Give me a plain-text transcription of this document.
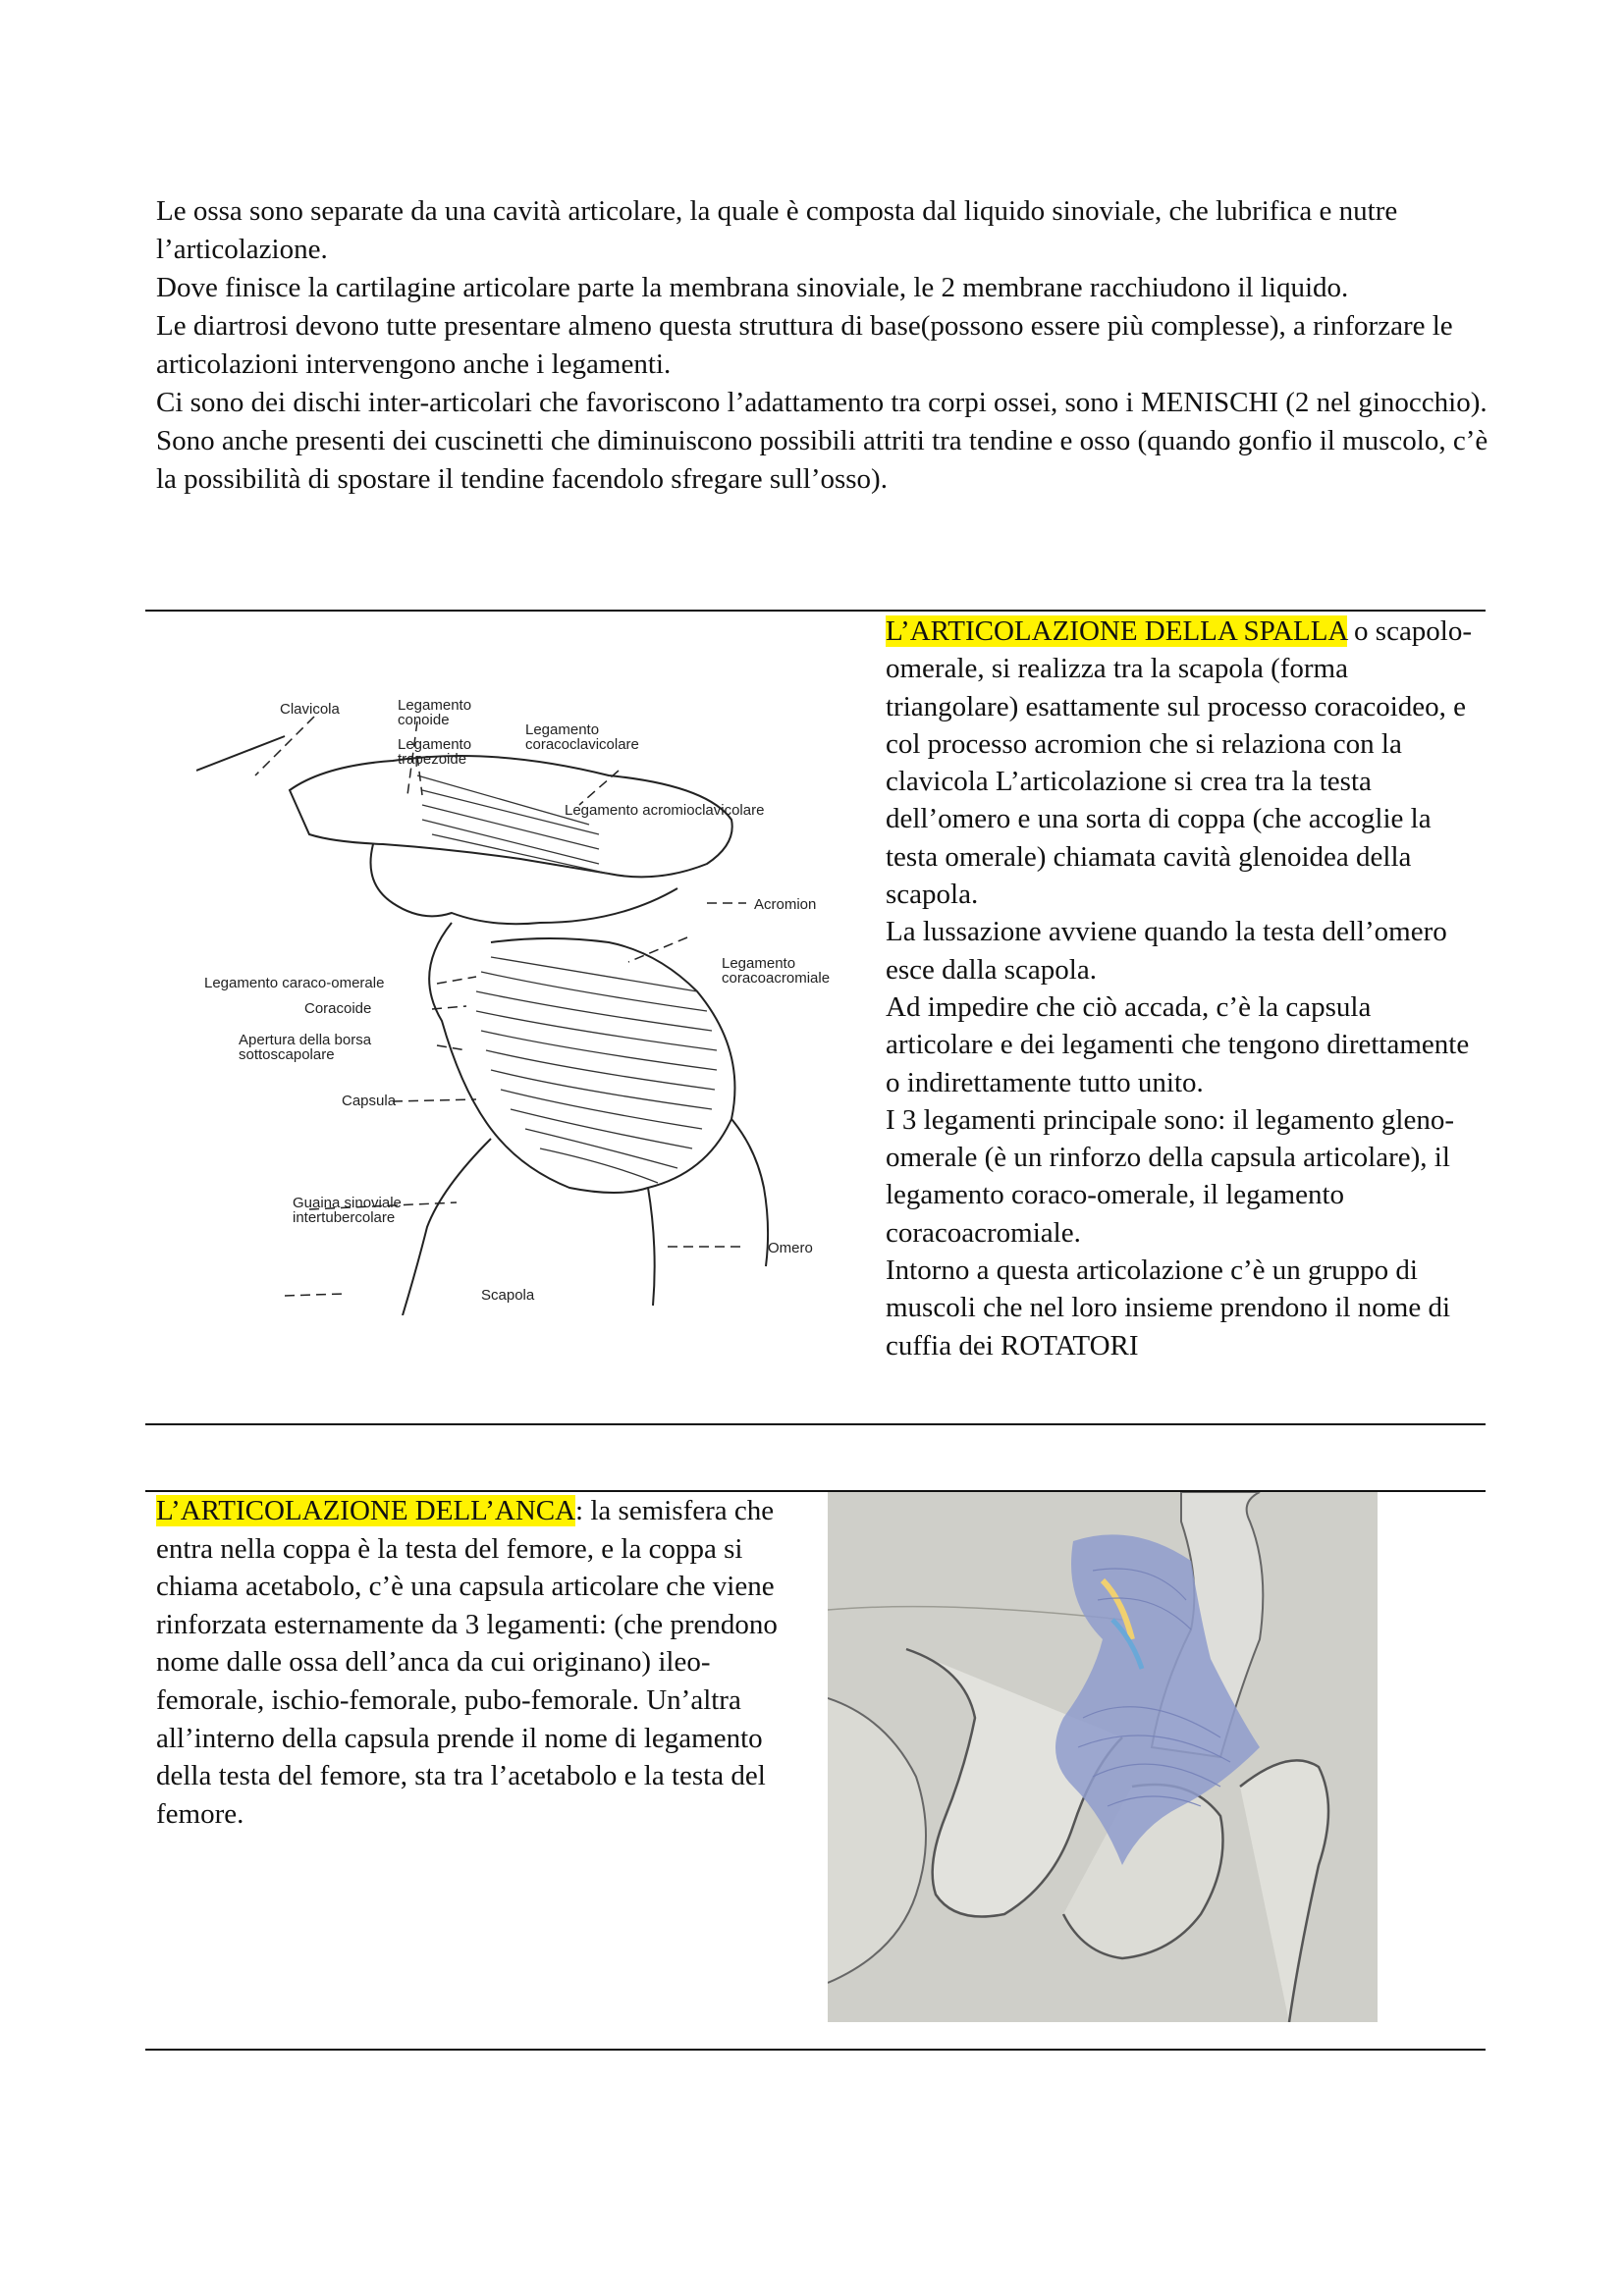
Le ossa sono separate da una cavità articolare, la quale è composta dal liquido sinoviale, che lubrifica e nutre l’articolazione.

Dove finisce la cartilagine articolare parte la membrana sinoviale, le 2 membrane racchiudono il liquido.

Le diartrosi devono tutte presentare almeno questa struttura di base(possono essere più complesse), a rinforzare le articolazioni intervengono anche i legamenti.

Ci sono dei dischi inter-articolari che favoriscono l’adattamento tra corpi ossei, sono i MENISCHI (2 nel ginocchio).

Sono anche presenti dei cuscinetti che diminuiscono possibili attriti tra tendine e osso (quando gonfio il muscolo, c’è la possibilità di spostare il tendine facendolo sfregare sull’osso).

Clavicola	Legamento
conoide
Legamento
trapezoide
Legamento
coracoclavicolare
Legamento acromioclavicolare
Acromion
Legamento
coracoacromiale
Legamento caraco-omerale
Coracoide
Apertura della borsa
sottoscapolare
Capsula
Guaina sinoviale
intertubercolare
Omero
Scapola

L’ARTICOLAZIONE DELLA SPALLA o scapolo-omerale, si realizza tra la scapola (forma triangolare) esattamente sul processo coracoideo, e col processo acromion che si relaziona con la clavicola L’articolazione si crea tra la testa dell’omero e una sorta di coppa (che accoglie la testa omerale) chiamata cavità glenoidea della scapola.

La lussazione avviene quando la testa dell’omero esce dalla scapola.

Ad impedire che ciò accada, c’è la capsula articolare e dei legamenti che tengono direttamente o indirettamente tutto unito.

I 3 legamenti principale sono: il legamento gleno-omerale (è un rinforzo della capsula articolare), il legamento coraco-omerale, il legamento coracoacromiale.

Intorno a questa articolazione c’è un gruppo di muscoli che nel loro insieme prendono il nome di cuffia dei ROTATORI

L’ARTICOLAZIONE DELL’ANCA: la semisfera che entra nella coppa è la testa del femore, e la coppa si chiama acetabolo, c’è una capsula articolare che viene rinforzata esternamente da 3 legamenti: (che prendono nome dalle ossa dell’anca da cui originano) ileo-femorale, ischio-femorale, pubo-femorale. Un’altra all’interno della capsula prende il nome di legamento della testa del femore, sta tra l’acetabolo e la testa del femore.
